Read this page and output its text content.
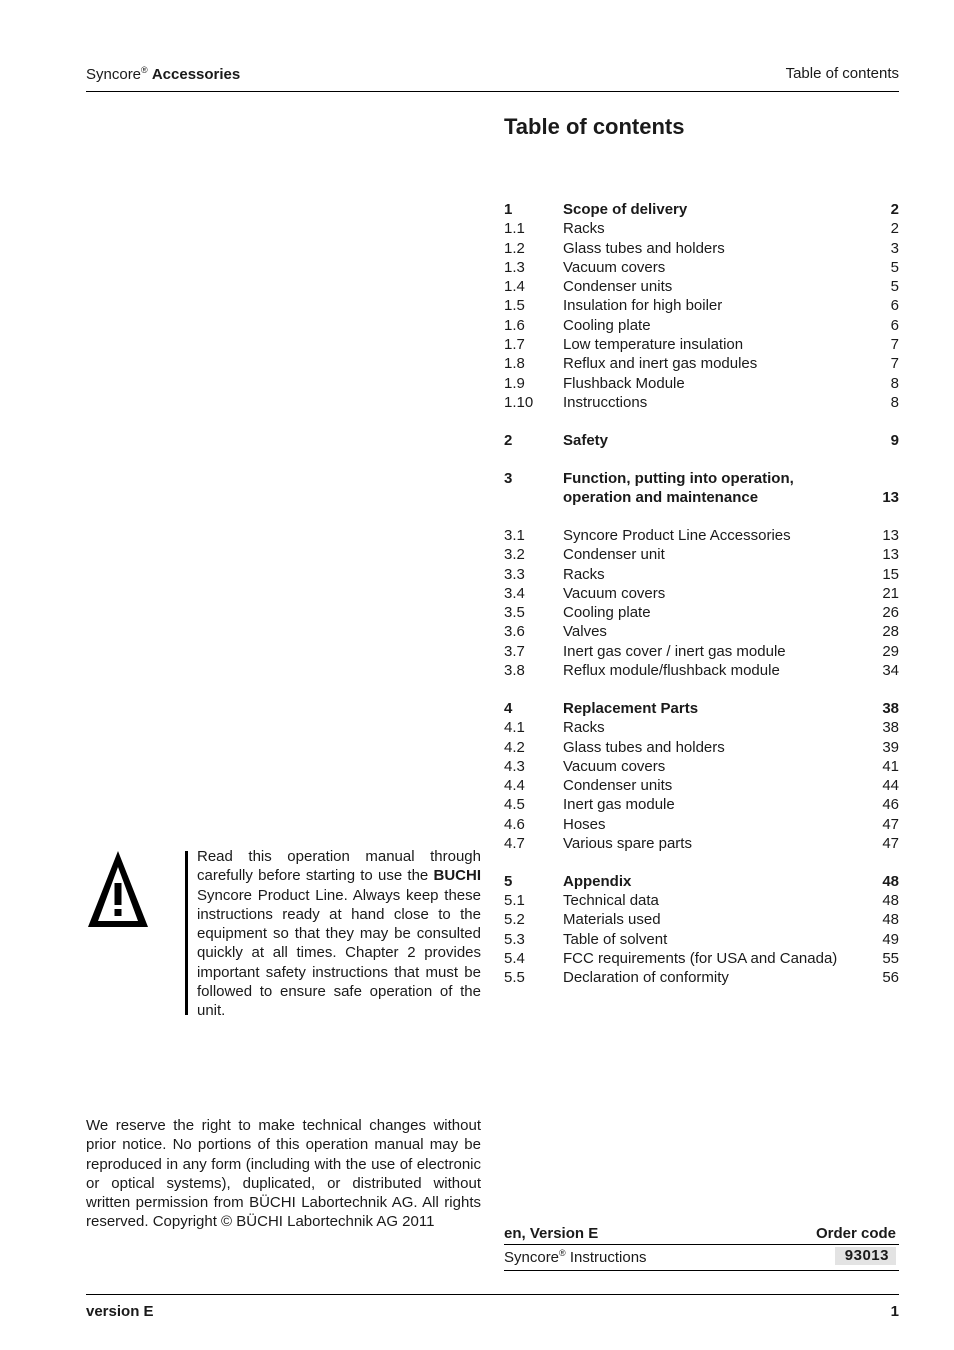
Syncore® Accessories	Table of contents
Table of contents
1	Scope of delivery	2
1.1	Racks	2
1.2	Glass tubes and holders	3
1.3	Vacuum covers	5
1.4	Condenser units	5
1.5	Insulation for high boiler	6
1.6	Cooling plate	6
1.7	Low temperature insulation	7
1.8	Reflux and inert gas modules	7
1.9	Flushback Module	8
1.10 Instrucctions	8
2	Safety	9
3	Function, putting into operation,
operation and maintenance	13
3.1	Syncore Product Line Accessories	13
3.2	Condenser unit	13
3.3	Racks	15
3.4	Vacuum covers	21
3.5	Cooling plate	26
3.6	Valves	28
3.7	Inert gas cover / inert gas module	29
3.8	Reflux module/flushback module	34
4	Replacement Parts	38
4.1	Racks	38
4.2	Glass tubes and holders	39
4.3	Vacuum covers	41
4.4	Condenser units	44
4.5	Inert gas module	46
4.6	Hoses	47
4.7	Various spare parts	47
5	Appendix	48
5.1	Technical data	48
5.2	Materials used	48
5.3	Table of solvent	49
5.4	FCC requirements (for USA and Canada)	55
5.5	Declaration of conformity	56

Read this operation manual through carefully before starting to use the BUCHI Syncore Product Line. Always keep these instructions ready at hand close to the equipment so that they may be consulted quickly at all times. Chapter 2 provides important safety instructions that must be followed to ensure safe operation of the unit.

We reserve the right to make technical changes without prior notice. No portions of this operation manual may be reproduced in any form (including with the use of electronic or optical systems), duplicated, or distributed without written permission from BÜCHI Labortechnik AG. All rights reserved. Copyright © BÜCHI Labortechnik AG 2011

en, Version E	Order code
Syncore® Instructions	93013
version E	1
